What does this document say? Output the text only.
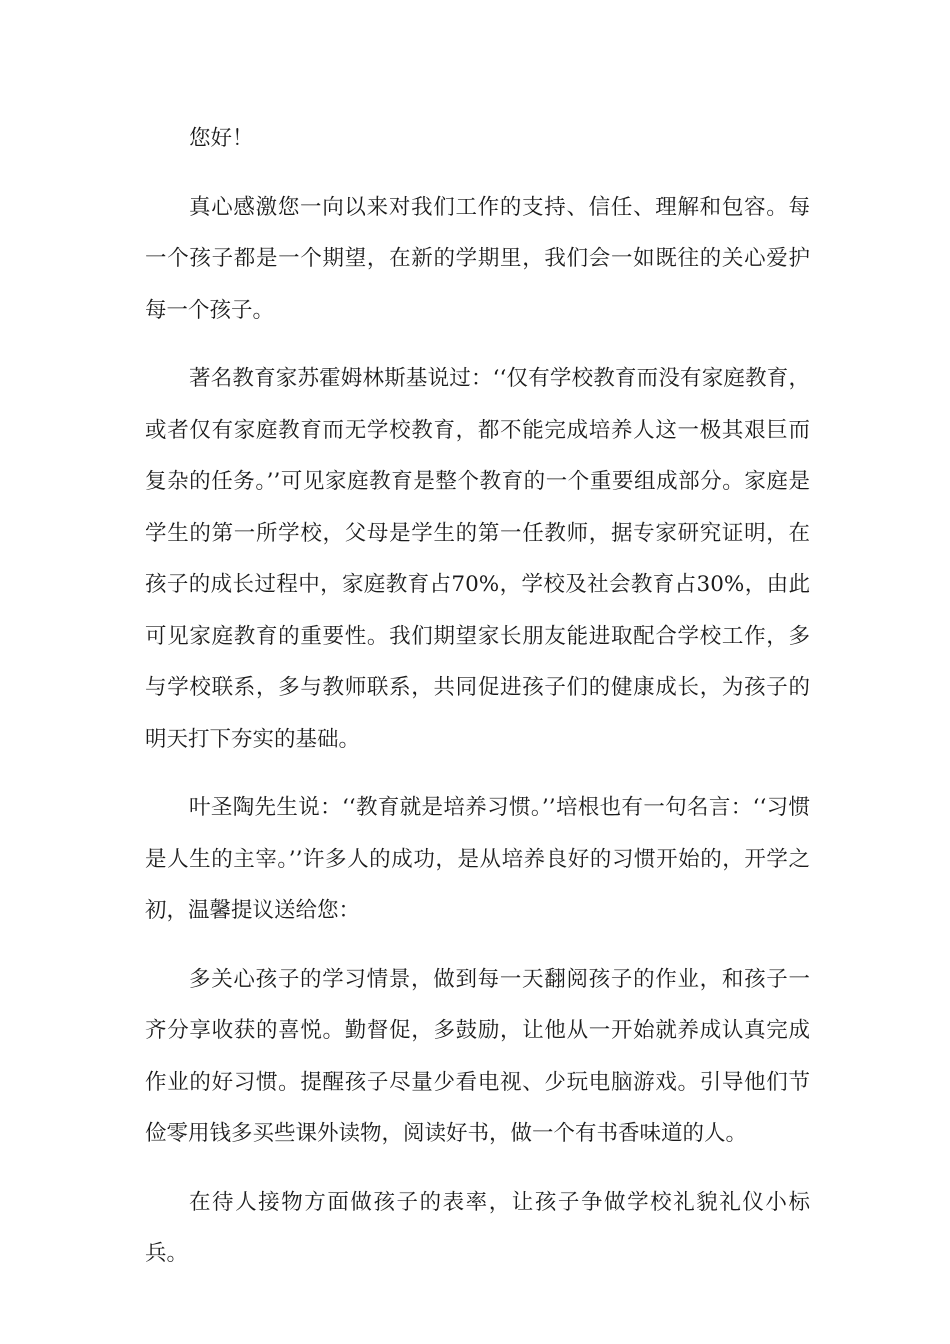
您好！

真心感激您一向以来对我们工作的支持、信任、理解和包容。每一个孩子都是一个期望，在新的学期里，我们会一如既往的关心爱护每一个孩子。

著名教育家苏霍姆林斯基说过：‘‘仅有学校教育而没有家庭教育，或者仅有家庭教育而无学校教育，都不能完成培养人这一极其艰巨而复杂的任务。’’可见家庭教育是整个教育的一个重要组成部分。家庭是学生的第一所学校，父母是学生的第一任教师，据专家研究证明，在孩子的成长过程中，家庭教育占70%，学校及社会教育占30%，由此可见家庭教育的重要性。我们期望家长朋友能进取配合学校工作，多与学校联系，多与教师联系，共同促进孩子们的健康成长，为孩子的明天打下夯实的基础。

叶圣陶先生说：‘‘教育就是培养习惯。’’培根也有一句名言：‘‘习惯是人生的主宰。’’许多人的成功，是从培养良好的习惯开始的，开学之初，温馨提议送给您：

多关心孩子的学习情景，做到每一天翻阅孩子的作业，和孩子一齐分享收获的喜悦。勤督促，多鼓励，让他从一开始就养成认真完成作业的好习惯。提醒孩子尽量少看电视、少玩电脑游戏。引导他们节俭零用钱多买些课外读物，阅读好书，做一个有书香味道的人。

在待人接物方面做孩子的表率，让孩子争做学校礼貌礼仪小标兵。
